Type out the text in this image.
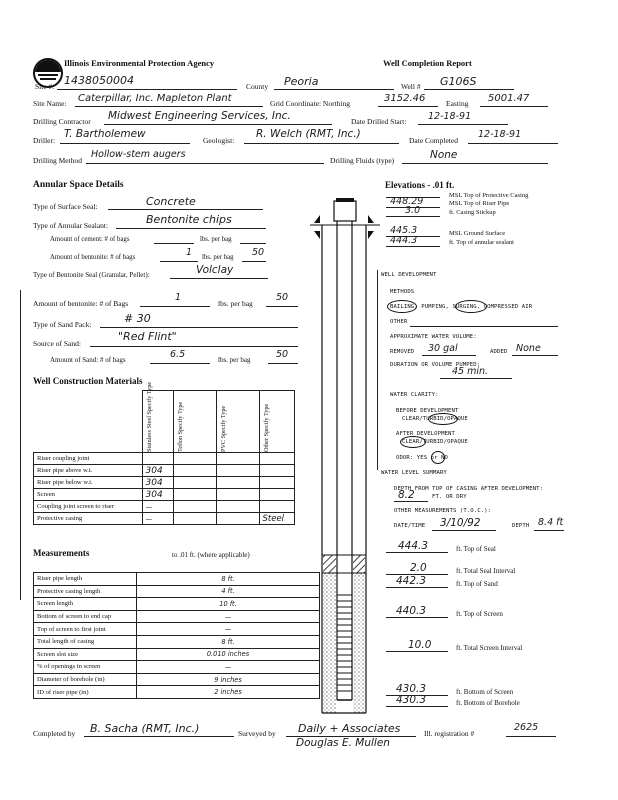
Illinois Environmental Protection Agency	Well Completion Report
Site #: 1438050004	County Peoria	Well # G106S
Site Name: Caterpillar, Inc. Mapleton Plant	Grid Coordinate: Northing	3152.46	Easting 5001.47
Drilling Contractor Midwest Engineering Services, Inc.	Date Drilled Start: 12-18-91
Driller:
T. Bartholemew
Geologist:
R. Welch (RMT, Inc.)
Date Completed
12-18-91
Drilling Method
Hollow-stem augers
Drilling Fluids (type)	None
Annular Space Details
Type of Surface Seal:	Concrete
Type of Annular Sealant:	Bentonite chips
Amount of cement: # of bags	lbs. per bag
Amount of bentonite: # of bags	1 lbs. per bag 50
Type of Bentonite Seal (Granular, Pellet):	Volclay
Amount of bentonite: # of Bags
1
lbs. per bag
50
Type of Sand Pack:	# 30
Source of Sand:
"Red Flint"
Amount of Sand: # of bags	6.5	lbs. per bag	50
Well Construction Materials

	Stainless Steel Specify Type	Teflon Specify Type	PVC Specify Type	Other Specify Type

Riser coupling joint				
Riser pipe above w.t.	304			
Riser pipe below w.t.	304			
Screen	304			
Coupling joint screen to riser	—			
Protective casing	—			Steel
Measurements	to .01 ft. (where applicable)
Riser pipe length	8 ft.
Protective casing length	4 ft.
Screen length	10 ft.
Bottom of screen to end cap	—
Top of screen to first joint	—
Total length of casing	8 ft.
Screen slot size	0.010 inches
% of openings in screen	—
Diameter of borehole (in)	9 inches
ID of riser pipe (in)	2 inches
Elevations - .01 ft.
MSL Top of Protective Casing
448.29	MSL Top of Riser Pipe
3.0	ft. Casing Stickup
445.3	MSL Ground Surface
444.3	ft. Top of annular sealant
WELL DEVELOPMENT
METHODS
BAILING, PUMPING, SURGING, COMPRESSED AIR
OTHER
APPROXIMATE WATER VOLUME:
REMOVED 30 gal	ADDED None
DURATION OR VOLUME PUMPED:
45 min.
WATER CLARITY:
BEFORE DEVELOPMENT
CLEAR/TURBID/OPAQUE
AFTER DEVELOPMENT
CLEAR/TURBID/OPAQUE
ODOR: YES or NO
WATER LEVEL SUMMARY
DEPTH FROM TOP OF CASING AFTER DEVELOPMENT:
8.2	FT. OR DRY
OTHER MEASUREMENTS (T.O.C.):
DATE/TIME 3/10/92	DEPTH 8.4 ft
444.3	ft. Top of Seal
2.0	ft. Total Seal Interval
442.3	ft. Top of Sand
440.3	ft. Top of Screen
10.0	ft. Total Screen Interval
430.3	ft. Bottom of Screen
430.3	ft. Bottom of Borehole
Completed by B. Sacha (RMT, Inc.)	Surveyed by Daily + Associates
Douglas E. Mullen
Ill. registration #
2625
